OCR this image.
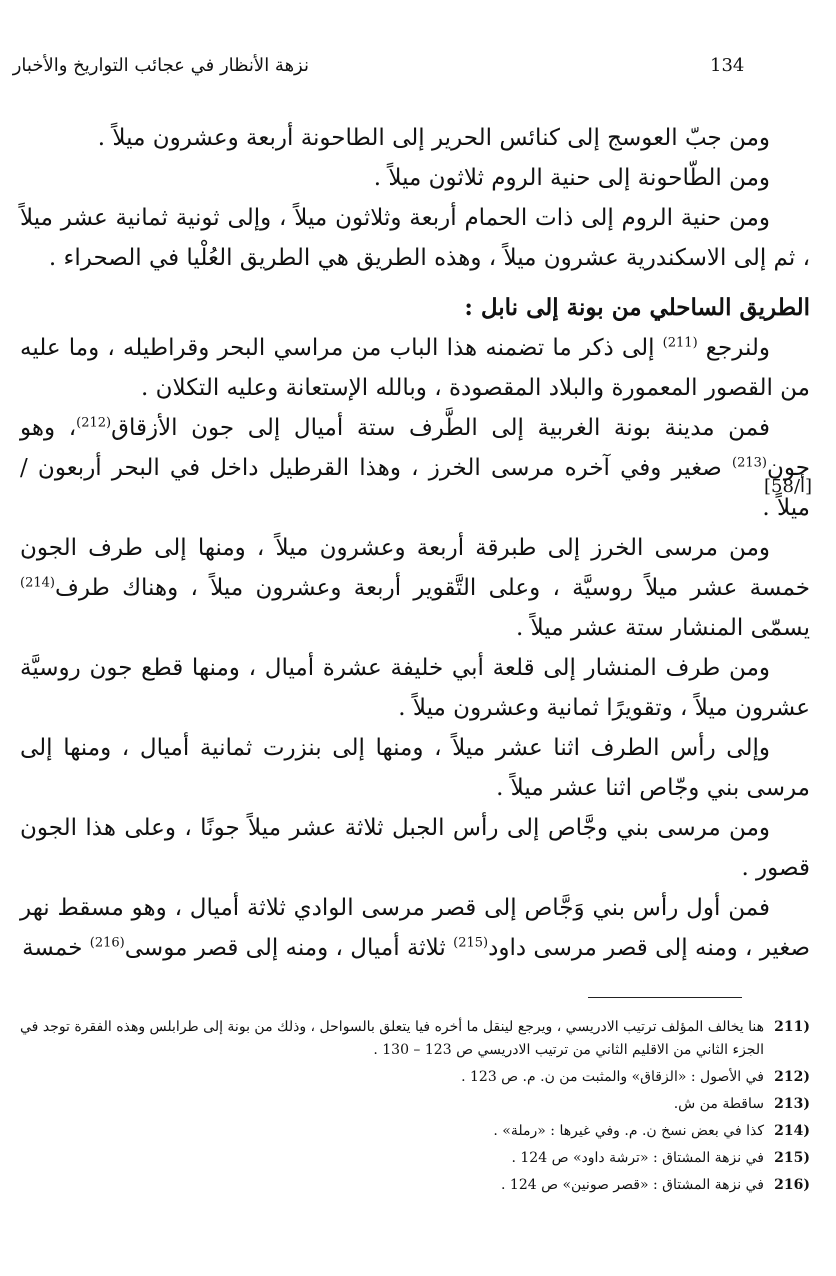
نزهة الأنظار في عجائب التواريخ والأخبار	134
[أ/58]

ومن جبّ العوسج إلى كنائس الحرير إلى الطاحونة أربعة وعشرون ميلاً .

ومن الطّاحونة إلى حنية الروم ثلاثون ميلاً .

ومن حنية الروم إلى ذات الحمام أربعة وثلاثون ميلاً ، وإلى ثونية ثمانية عشر ميلاً ، ثم إلى الاسكندرية عشرون ميلاً ، وهذه الطريق هي الطريق العُلْيا في الصحراء .

الطريق الساحلي من بونة إلى نابل :

ولنرجع $^{(211)}$ إلى ذكر ما تضمنه هذا الباب من مراسي البحر وقراطيله ، وما عليه من القصور المعمورة والبلاد المقصودة ، وبالله الإستعانة وعليه التكلان .

فمن مدينة بونة الغربية إلى الطَّرف ستة أميال إلى جون الأزقاق$^{(212)}$، وهو جون$^{(213)}$ صغير وفي آخره مرسى الخرز ، وهذا القرطيل داخل في البحر أربعون / ميلاً .

ومن مرسى الخرز إلى طبرقة أربعة وعشرون ميلاً ، ومنها إلى طرف الجون خمسة عشر ميلاً روسيَّة ، وعلى التَّقوير أربعة وعشرون ميلاً ، وهناك طرف$^{(214)}$ يسمّى المنشار ستة عشر ميلاً .

ومن طرف المنشار إلى قلعة أبي خليفة عشرة أميال ، ومنها قطع جون روسيَّة عشرون ميلاً ، وتقويرًا ثمانية وعشرون ميلاً .

وإلى رأس الطرف اثنا عشر ميلاً ، ومنها إلى بنزرت ثمانية أميال ، ومنها إلى مرسى بني وجّاص اثنا عشر ميلاً .

ومن مرسى بني وجَّاص إلى رأس الجبل ثلاثة عشر ميلاً جونًا ، وعلى هذا الجون قصور .

فمن أول رأس بني وَجَّاص إلى قصر مرسى الوادي ثلاثة أميال ، وهو مسقط نهر صغير ، ومنه إلى قصر مرسى داود$^{(215)}$ ثلاثة أميال ، ومنه إلى قصر موسى$^{(216)}$ خمسة

211)
هنا يخالف المؤلف ترتيب الادريسي ، ويرجع لينقل ما أخره فيا يتعلق بالسواحل ، وذلك من بونة إلى طرابلس وهذه الفقرة توجد في الجزء الثاني من الاقليم الثاني من ترتيب الادريسي ص 123 – 130 .
212)
في الأصول : «الزقاق» والمثبت من ن. م. ص 123 .
213)
ساقطة من ش.
214)
كذا في بعض نسخ ن. م. وفي غيرها : «رملة» .
215)
في نزهة المشتاق : «ترشة داود» ص 124 .
216)
في نزهة المشتاق : «قصر صونين» ص 124 .
